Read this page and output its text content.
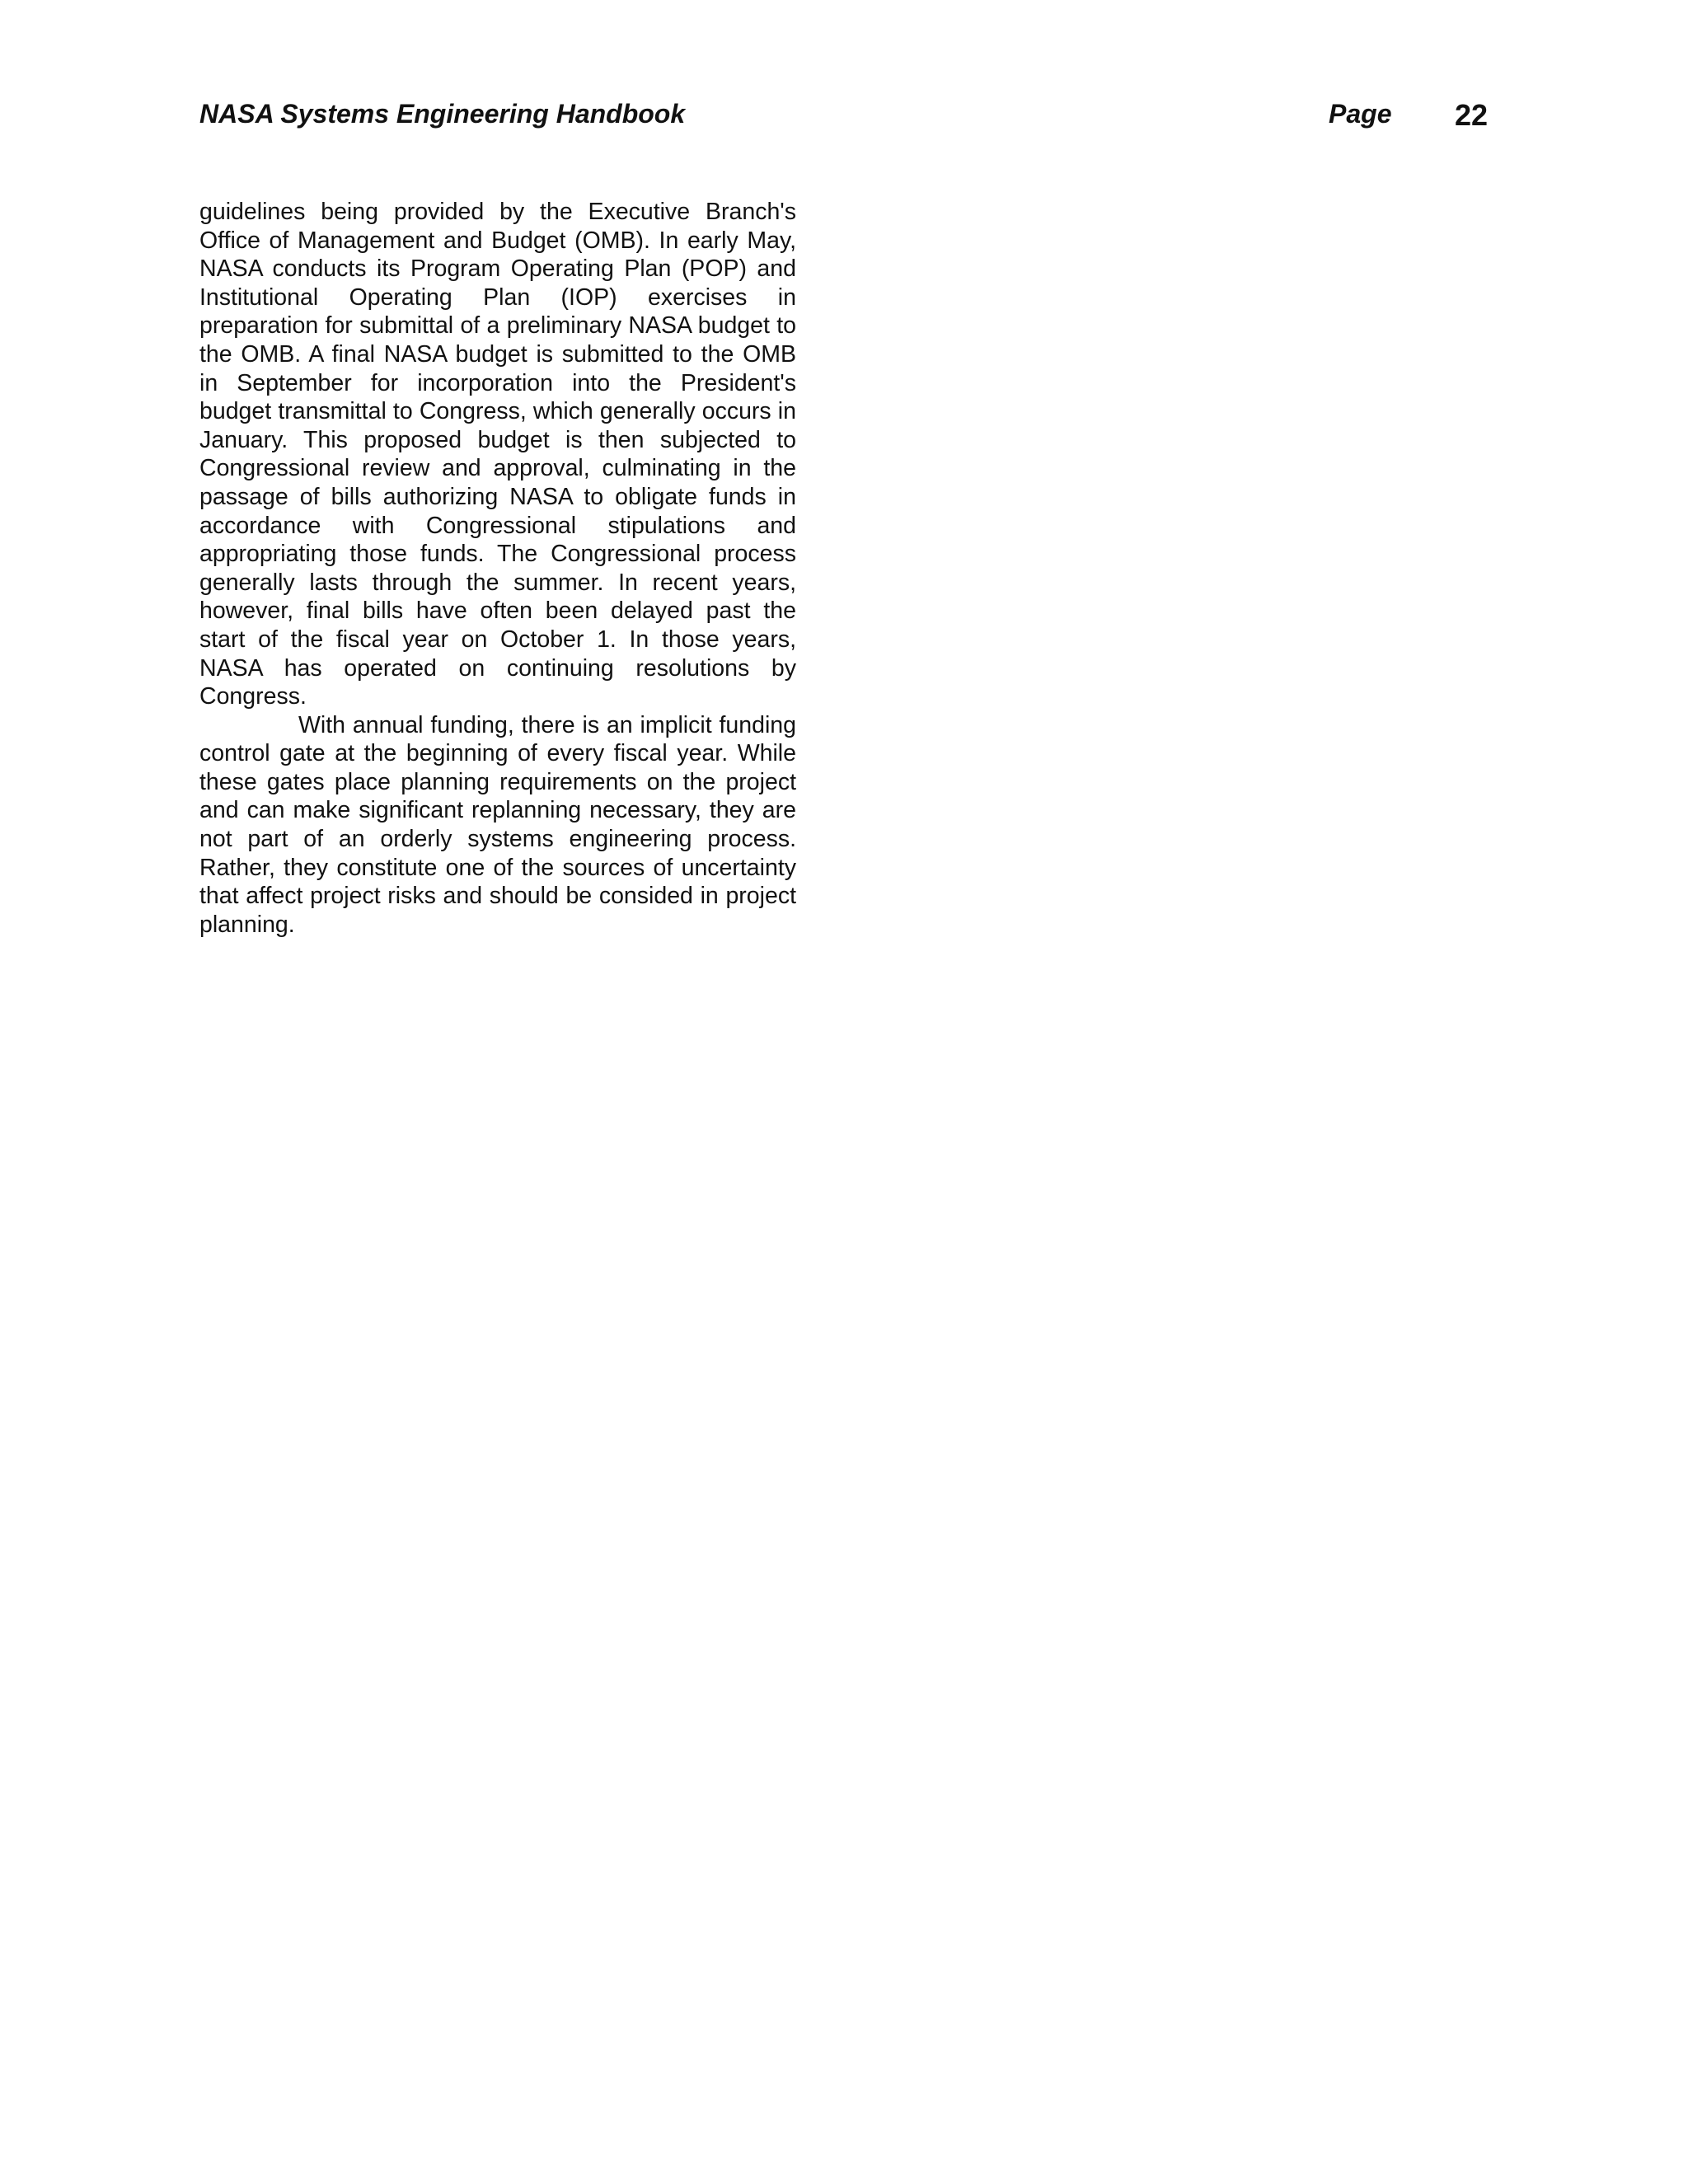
NASA Systems Engineering Handbook	Page 22

guidelines being provided by the Executive Branch's Office of Management and Budget (OMB). In early May, NASA conducts its Program Operating Plan (POP) and Institutional Operating Plan (IOP) exercises in preparation for submittal of a preliminary NASA budget to the OMB. A final NASA budget is submitted to the OMB in September for incorporation into the President's budget transmittal to Congress, which generally occurs in January. This proposed budget is then subjected to Congressional review and approval, culminating in the passage of bills authorizing NASA to obligate funds in accordance with Congressional stipulations and appropriating those funds. The Congressional process generally lasts through the summer. In recent years, however, final bills have often been delayed past the start of the fiscal year on October 1. In those years, NASA has operated on continuing resolutions by Congress.

With annual funding, there is an implicit funding control gate at the beginning of every fiscal year. While these gates place planning requirements on the project and can make significant replanning necessary, they are not part of an orderly systems engineering process. Rather, they constitute one of the sources of uncertainty that affect project risks and should be consided in project planning.
